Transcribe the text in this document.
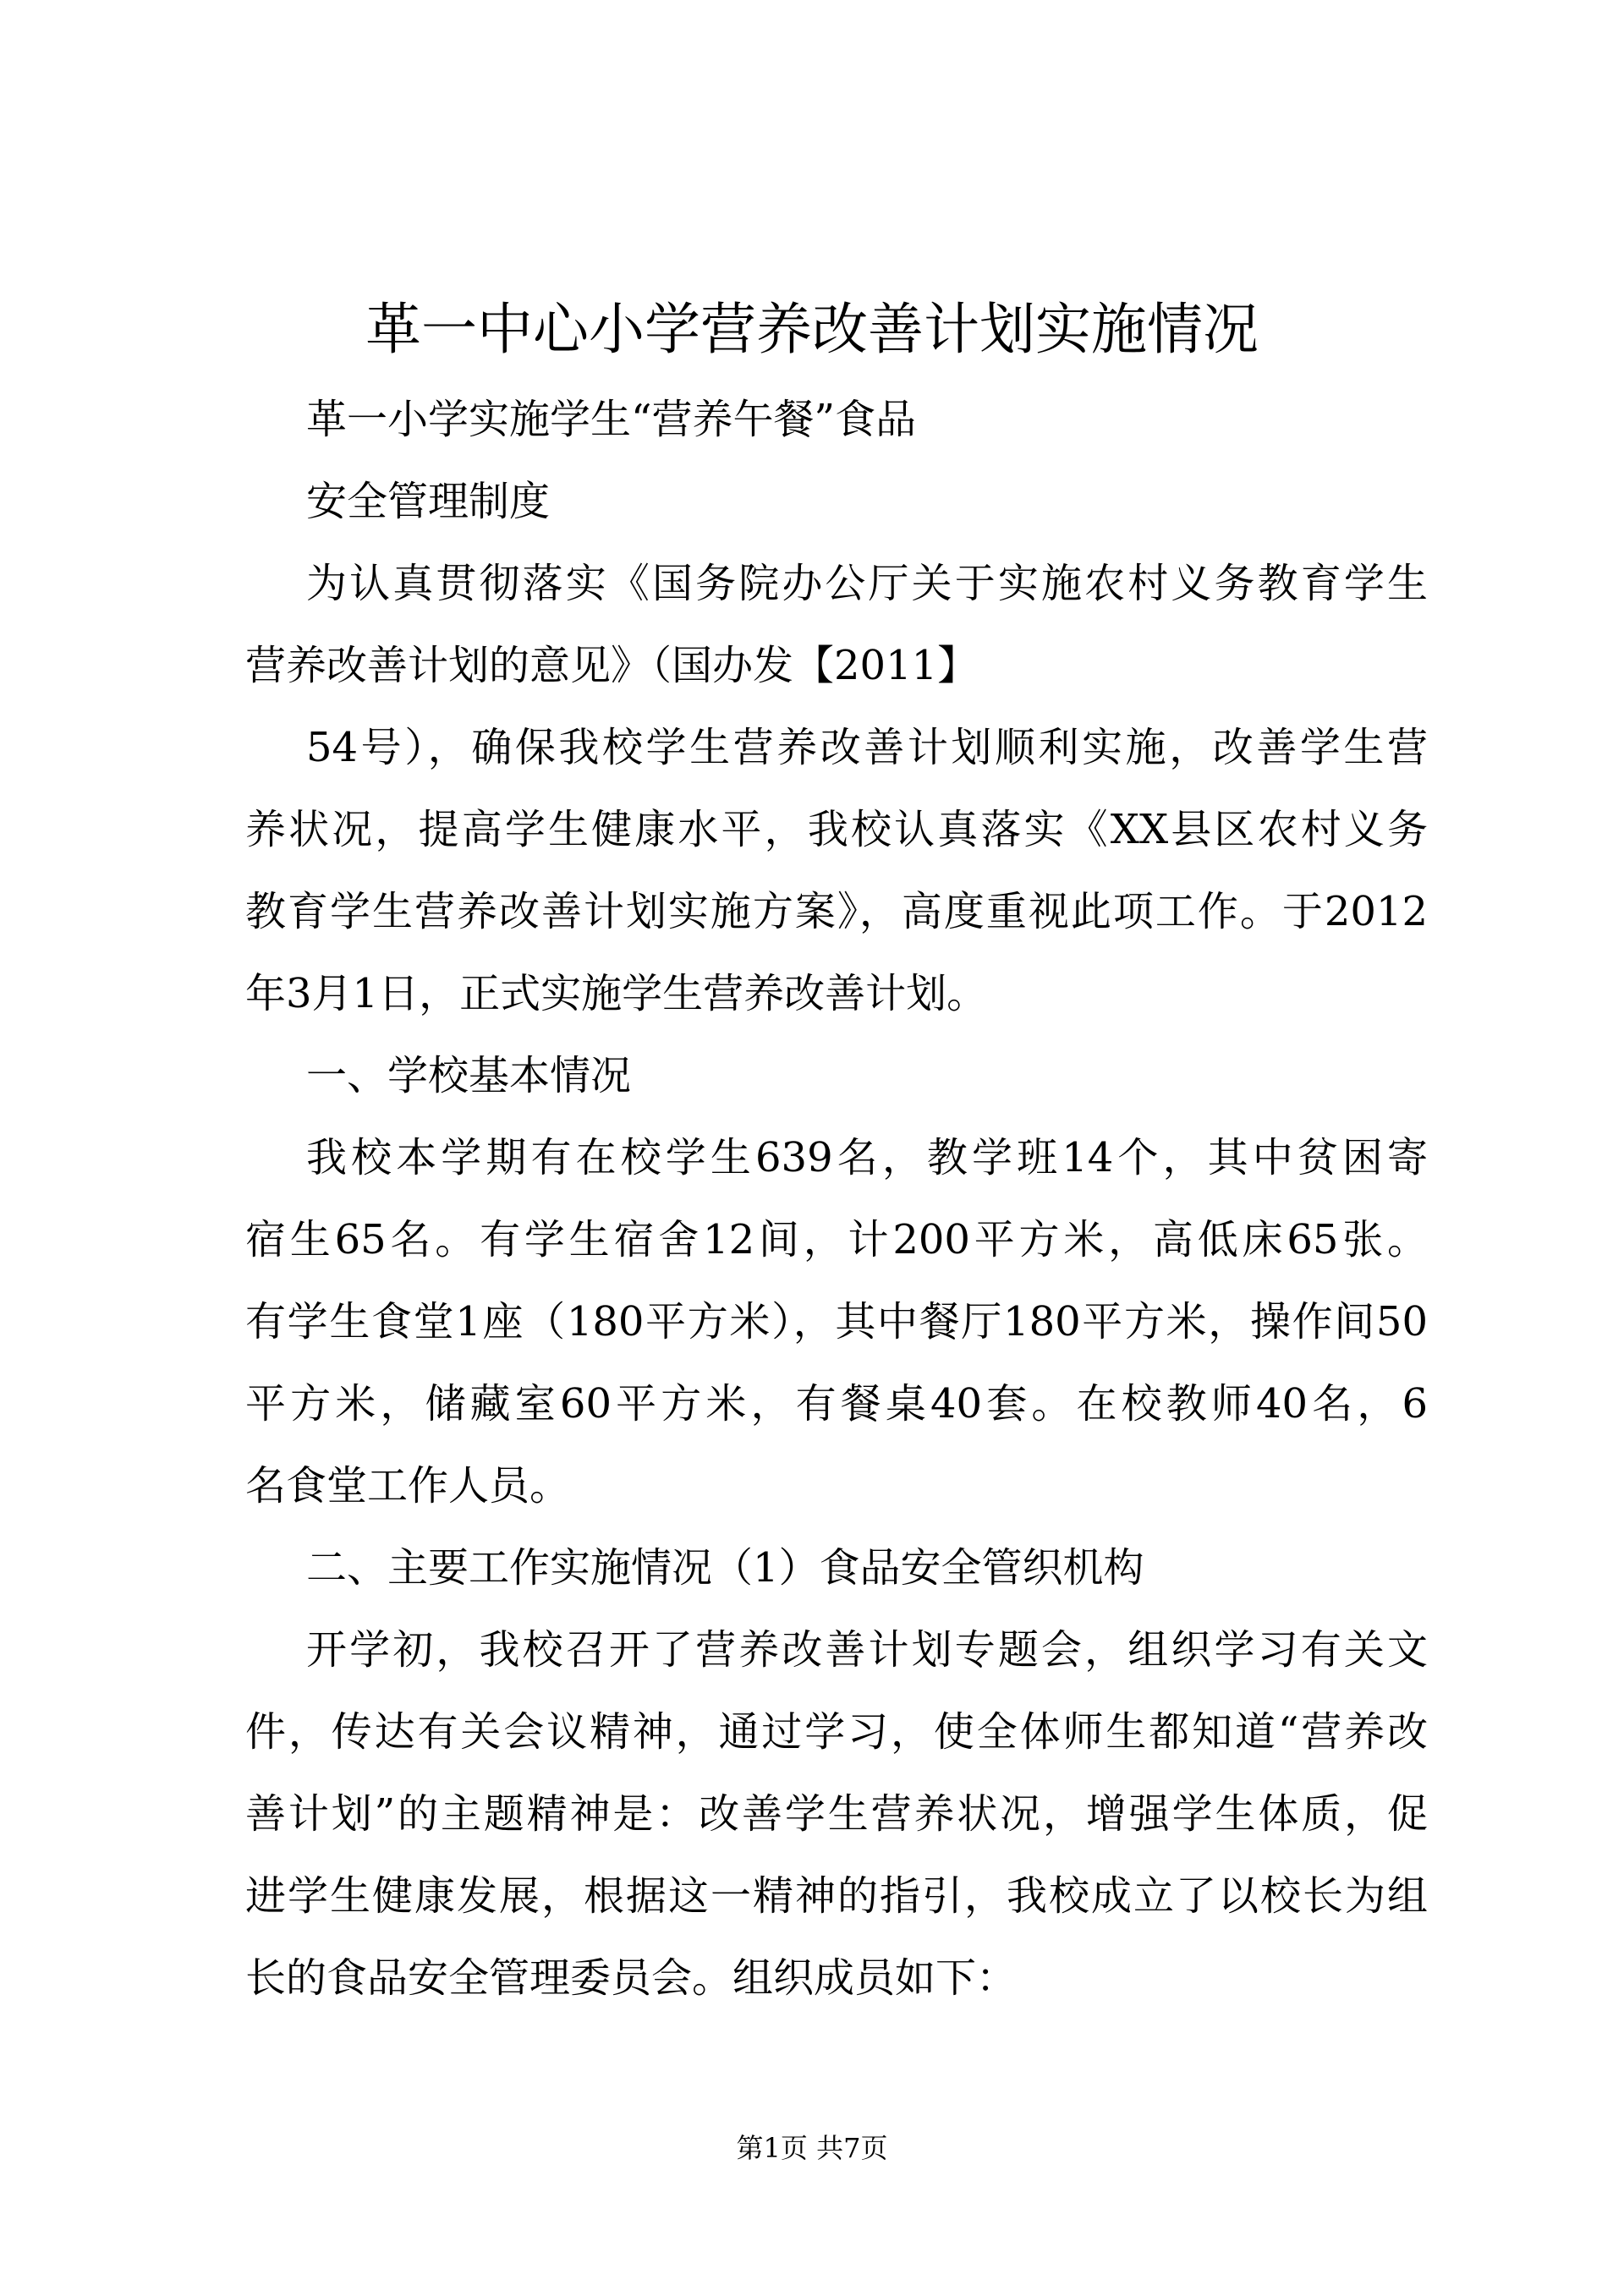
革一中心小学营养改善计划实施情况
革一小学实施学生“营养午餐”食品
安全管理制度
为认真贯彻落实《国务院办公厅关于实施农村义务教育学生
营养改善计划的意见》（国办发【2011】
54号），确保我校学生营养改善计划顺利实施，改善学生营
养状况，提高学生健康水平，我校认真落实《XX县区农村义务
教育学生营养改善计划实施方案》，高度重视此项工作。于2012
年3月1日，正式实施学生营养改善计划。
一、学校基本情况
我校本学期有在校学生639名，教学班14个，其中贫困寄
宿生65名。有学生宿舍12间，计200平方米，高低床65张。
有学生食堂1座（180平方米），其中餐厅180平方米，操作间50
平方米，储藏室60平方米，有餐桌40套。在校教师40名，6
名食堂工作人员。
二、主要工作实施情况（1）食品安全管织机构
开学初，我校召开了营养改善计划专题会，组织学习有关文
件，传达有关会议精神，通过学习，使全体师生都知道“营养改
善计划”的主题精神是：改善学生营养状况，增强学生体质，促
进学生健康发展，根据这一精神的指引，我校成立了以校长为组
长的食品安全管理委员会。组织成员如下：
第1页 共7页
